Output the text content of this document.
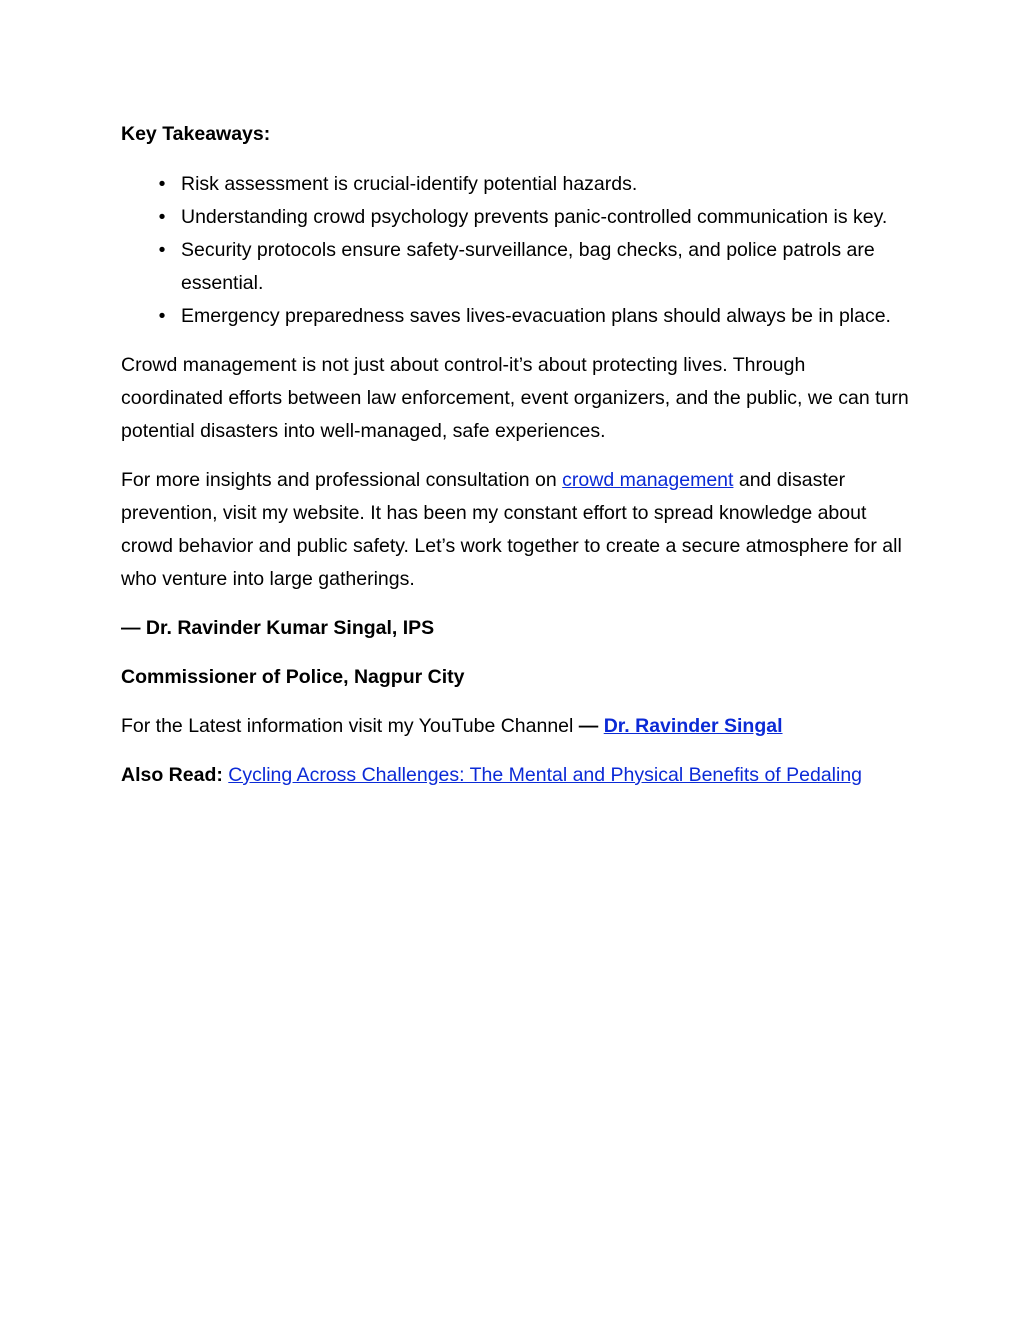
Key Takeaways:
• Risk assessment is crucial-identify potential hazards.
• Understanding crowd psychology prevents panic-controlled communication is key.
• Security protocols ensure safety-surveillance, bag checks, and police patrols are essential.
• Emergency preparedness saves lives-evacuation plans should always be in place.

Crowd management is not just about control-it’s about protecting lives. Through coordinated efforts between law enforcement, event organizers, and the public, we can turn potential disasters into well-managed, safe experiences.

For more insights and professional consultation on crowd management and disaster prevention, visit my website. It has been my constant effort to spread knowledge about crowd behavior and public safety. Let’s work together to create a secure atmosphere for all who venture into large gatherings.

— Dr. Ravinder Kumar Singal, IPS

Commissioner of Police, Nagpur City

For the Latest information visit my YouTube Channel — Dr. Ravinder Singal

Also Read: Cycling Across Challenges: The Mental and Physical Benefits of Pedaling
